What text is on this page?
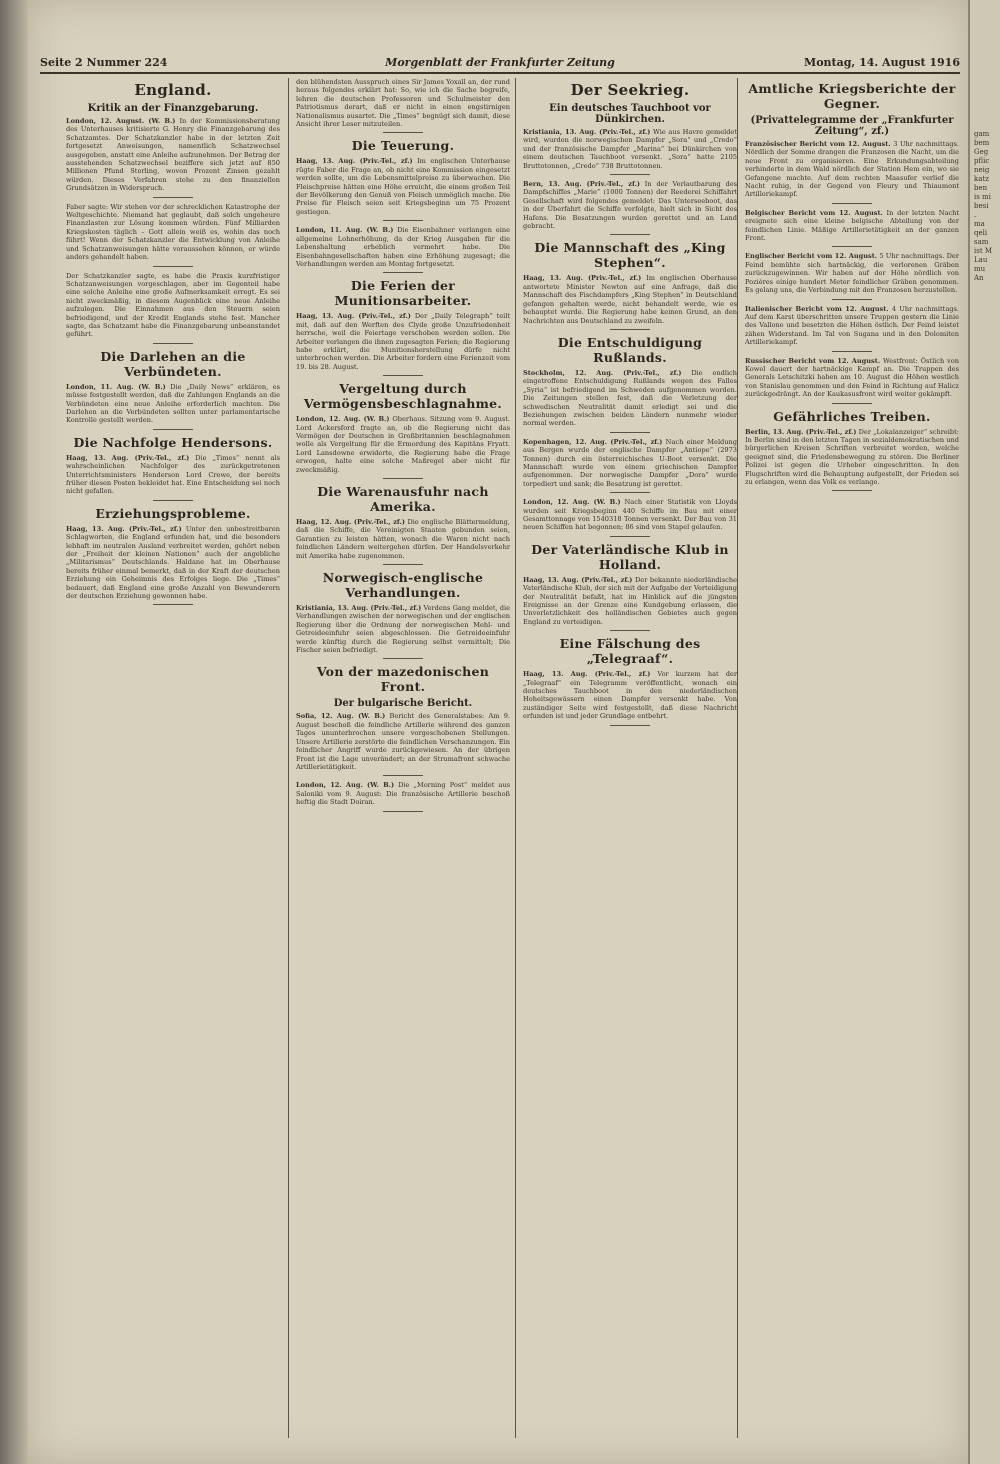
gam
bem
Geg
pflic
neig
katz
ben
is mi
besi
.
ma
qeli
sam
ist M
Lau
mu
An
Seite 2 Nummer 224	Morgenblatt der Frankfurter Zeitung	Montag, 14. August 1916
England.
Kritik an der Finanzgebarung.

London, 12. August. (W. B.) In der Kommissionsberatung des Unterhauses kritisierte G. Henry die Finanzgebarung des Schatzamtes. Der Schatzkanzler habe in der letzten Zeit fortgesetzt Anweisungen, namentlich Schatzwechsel ausgegeben, anstatt eine Anleihe aufzunehmen. Der Betrag der ausstehenden Schatzwechsel beziffere sich jetzt auf 850 Millionen Pfund Sterling, wovon Prozent Zinsen gezahlt würden. Dieses Verfahren stehe zu den finanziellen Grundsätzen in Widerspruch.

Faber sagte: Wir stehen vor der schrecklichen Katastrophe der Weltgeschichte. Niemand hat geglaubt, daß solch ungeheure Finanzlasten zur Lösung kommen würden. Fünf Milliarden Kriegskosten täglich – Gott allein weiß es, wohin das noch führt! Wenn der Schatzkanzler die Entwicklung von Anleihe und Schatzanweisungen hätte voraussehen können, er würde anders gehandelt haben.

Der Schatzkanzler sagte, es habe die Praxis kurzfristiger Schatzanweisungen vorgeschlagen, aber im Gegenteil habe eine solche Anleihe eine große Aufmerksamkeit erregt. Es sei nicht zweckmäßig, in diesem Augenblick eine neue Anleihe aufzulegen. Die Einnahmen aus den Steuern seien befriedigend, und der Kredit Englands stehe fest. Mancher sagte, das Schatzamt habe die Finanzgebarung unbeanstandet geführt.

Die Darlehen an die Verbündeten.

London, 11. Aug. (W. B.) Die „Daily News“ erklären, es müsse festgestellt werden, daß die Zahlungen Englands an die Verbündeten eine neue Anleihe erforderlich machten. Die Darlehen an die Verbündeten sollten unter parlamentarische Kontrolle gestellt werden.

Die Nachfolge Hendersons.

Haag, 13. Aug. (Priv.-Tel., zf.) Die „Times“ nennt als wahrscheinlichen Nachfolger des zurückgetretenen Unterrichtsministers Henderson Lord Crewe, der bereits früher diesen Posten bekleidet hat. Eine Entscheidung sei noch nicht gefallen.

Erziehungsprobleme.

Haag, 13. Aug. (Priv.-Tel., zf.) Unter den unbestreitbaren Schlagworten, die England erfunden hat, und die besonders lebhaft im neutralen Ausland verbreitet werden, gehört neben der „Freiheit der kleinen Nationen“ auch der angebliche „Militarismus“ Deutschlands. Haldane hat im Oberhause bereits früher einmal bemerkt, daß in der Kraft der deutschen Erziehung ein Geheimnis des Erfolges liege. Die „Times“ bedauert, daß England eine große Anzahl von Bewunderern der deutschen Erziehung gewonnen habe.

den blühendsten Ausspruch eines Sir James Yoxall an, der rund heraus folgendes erklärt hat: So, wie ich die Sache begreife, lehren die deutschen Professoren und Schulmeister den Patriotismus derart, daß er nicht in einen engstirnigen Nationalismus ausartet. Die „Times“ begnügt sich damit, diese Ansicht ihrer Leser mitzuteilen.

Die Teuerung.

Haag, 13. Aug. (Priv.-Tel., zf.) Im englischen Unterhause rügte Faber die Frage an, ob nicht eine Kommission eingesetzt werden sollte, um die Lebensmittelpreise zu überwachen. Die Fleischpreise hätten eine Höhe erreicht, die einem großen Teil der Bevölkerung den Genuß von Fleisch unmöglich mache. Die Preise für Fleisch seien seit Kriegsbeginn um 75 Prozent gestiegen.

London, 11. Aug. (W. B.) Die Eisenbahner verlangen eine allgemeine Lohnerhöhung, da der Krieg Ausgaben für die Lebenshaltung erheblich vermehrt habe. Die Eisenbahngesellschaften haben eine Erhöhung zugesagt; die Verhandlungen werden am Montag fortgesetzt.

Die Ferien der Munitionsarbeiter.

Haag, 13. Aug. (Priv.-Tel., zf.) Der „Daily Telegraph“ teilt mit, daß auf den Werften des Clyde große Unzufriedenheit herrsche, weil die Feiertage verschoben werden sollen. Die Arbeiter verlangen die ihnen zugesagten Ferien; die Regierung habe erklärt, die Munitionsherstellung dürfe nicht unterbrochen werden. Die Arbeiter fordern eine Ferienzeit vom 19. bis 28. August.

Vergeltung durch Vermögensbeschlagnahme.

London, 12. Aug. (W. B.) Oberhaus. Sitzung vom 9. August. Lord Ackersford fragte an, ob die Regierung nicht das Vermögen der Deutschen in Großbritannien beschlagnahmen wolle als Vergeltung für die Ermordung des Kapitäns Fryatt. Lord Lansdowne erwiderte, die Regierung habe die Frage erwogen, halte eine solche Maßregel aber nicht für zweckmäßig.

Die Warenausfuhr nach Amerika.

Haag, 12. Aug. (Priv.-Tel., zf.) Die englische Blättermeldung, daß die Schiffe, die Vereinigten Staaten gebunden seien, Garantien zu leisten hätten, wonach die Waren nicht nach feindlichen Ländern weitergehen dürfen. Der Handelsverkehr mit Amerika habe zugenommen.

Norwegisch-englische Verhandlungen.

Kristiania, 13. Aug. (Priv.-Tel., zf.) Verdens Gang meldet, die Verhandlungen zwischen der norwegischen und der englischen Regierung über die Ordnung der norwegischen Mehl- und Getreideeinfuhr seien abgeschlossen. Die Getreideeinfuhr werde künftig durch die Regierung selbst vermittelt; Die Fischer seien befriedigt.

Von der mazedonischen Front.
Der bulgarische Bericht.

Sofia, 12. Aug. (W. B.) Bericht des Generalstabes: Am 9. August beschoß die feindliche Artillerie während des ganzen Tages ununterbrochen unsere vorgeschobenen Stellungen. Unsere Artillerie zerstörte die feindlichen Verschanzungen. Ein feindlicher Angriff wurde zurückgewiesen. An der übrigen Front ist die Lage unverändert; an der Strumafront schwache Artillerietätigkeit.

London, 12. Aug. (W. B.) Die „Morning Post“ meldet aus Saloniki vom 9. August: Die französische Artillerie beschoß heftig die Stadt Doiran.

Der Seekrieg.
Ein deutsches Tauchboot vor Dünkirchen.

Kristiania, 13. Aug. (Priv.-Tel., zf.) Wie aus Havre gemeldet wird, wurden die norwegischen Dampfer „Sora“ und „Credo“ und der französische Dampfer „Marina“ bei Dünkirchen von einem deutschen Tauchboot versenkt. „Sora“ hatte 2105 Bruttotonnen, „Credo“ 738 Bruttotonnen.

Bern, 13. Aug. (Priv.-Tel., zf.) In der Verlautbarung des Dampfschiffes „Marie“ (1000 Tonnen) der Reederei Schiffahrt Gesellschaft wird folgendes gemeldet: Das Unterseeboot, das in der Überfahrt die Schiffe verfolgte, hielt sich in Sicht des Hafens. Die Besatzungen wurden gerettet und an Land gebracht.

Die Mannschaft des „King Stephen“.

Haag, 13. Aug. (Priv.-Tel., zf.) Im englischen Oberhause antwortete Minister Newton auf eine Anfrage, daß die Mannschaft des Fischdampfers „King Stephen“ in Deutschland gefangen gehalten werde, nicht behandelt werde, wie es behauptet wurde. Die Regierung habe keinen Grund, an den Nachrichten aus Deutschland zu zweifeln.

Die Entschuldigung Rußlands.

Stockholm, 12. Aug. (Priv.-Tel., zf.) Die endlich eingetroffene Entschuldigung Rußlands wegen des Falles „Syria“ ist befriedigend im Schweden aufgenommen worden. Die Zeitungen stellen fest, daß die Verletzung der schwedischen Neutralität damit erledigt sei und die Beziehungen zwischen beiden Ländern nunmehr wieder normal werden.

Kopenhagen, 12. Aug. (Priv.-Tel., zf.) Nach einer Meldung aus Bergen wurde der englische Dampfer „Antiope“ (2973 Tonnen) durch ein österreichisches U-Boot versenkt. Die Mannschaft wurde von einem griechischen Dampfer aufgenommen. Der norwegische Dampfer „Dora“ wurde torpediert und sank; die Besatzung ist gerettet.

London, 12. Aug. (W. B.) Nach einer Statistik von Lloyds wurden seit Kriegsbeginn 440 Schiffe im Bau mit einer Gesamttonnage von 1540318 Tonnen versenkt. Der Bau von 31 neuen Schiffen hat begonnen; 86 sind vom Stapel gelaufen.

Der Vaterländische Klub in Holland.

Haag, 13. Aug. (Priv.-Tel., zf.) Der bekannte niederländische Vaterländische Klub, der sich mit der Aufgabe der Verteidigung der Neutralität befaßt, hat im Hinblick auf die jüngsten Ereignisse an der Grenze eine Kundgebung erlassen, die Unverletzlichkeit des holländischen Gebietes auch gegen England zu verteidigen.

Eine Fälschung des „Telegraaf“.

Haag, 13. Aug. (Priv.-Tel., zf.) Vor kurzem hat der „Telegraaf“ ein Telegramm veröffentlicht, wonach ein deutsches Tauchboot in den niederländischen Hoheitsgewässern einen Dampfer versenkt habe. Von zuständiger Seite wird festgestellt, daß diese Nachricht erfunden ist und jeder Grundlage entbehrt.

Amtliche Kriegsberichte der Gegner.
(Privattelegramme der „Frankfurter Zeitung“, zf.)

Französischer Bericht vom 12. August. 3 Uhr nachmittags. Nördlich der Somme drangen die Franzosen die Nacht, um die neue Front zu organisieren. Eine Erkundungsabteilung verhinderte in dem Wald nördlich der Station Hem ein, wo sie Gefangene machte. Auf dem rechten Maasufer verlief die Nacht ruhig, in der Gegend von Fleury und Thiaumont Artilleriekampf.

Belgischer Bericht vom 12. August. In der letzten Nacht ereignete sich eine kleine belgische Abteilung von der feindlichen Linie. Mäßige Artillerietätigkeit an der ganzen Front.

Englischer Bericht vom 12. August. 5 Uhr nachmittags. Der Feind bemühte sich hartnäckig, die verlorenen Gräben zurückzugewinnen. Wir haben auf der Höhe nördlich von Pozières einige hundert Meter feindlicher Gräben genommen. Es gelang uns, die Verbindung mit den Franzosen herzustellen.

Italienischer Bericht vom 12. August. 4 Uhr nachmittags. Auf dem Karst überschritten unsere Truppen gestern die Linie des Vallone und besetzten die Höhen östlich. Der Feind leistet zähen Widerstand. Im Tal von Sugana und in den Dolomiten Artilleriekampf.

Russischer Bericht vom 12. August. Westfront: Östlich von Kowel dauert der hartnäckige Kampf an. Die Truppen des Generals Letschitzki haben am 10. August die Höhen westlich von Stanislau genommen und den Feind in Richtung auf Halicz zurückgedrängt. An der Kaukasusfront wird weiter gekämpft.

Gefährliches Treiben.

Berlin, 13. Aug. (Priv.-Tel., zf.) Der „Lokalanzeiger“ schreibt: In Berlin sind in den letzten Tagen in sozialdemokratischen und bürgerlichen Kreisen Schriften verbreitet worden, welche geeignet sind, die Friedensbewegung zu stören. Die Berliner Polizei ist gegen die Urheber eingeschritten. In den Flugschriften wird die Behauptung aufgestellt, der Frieden sei zu erlangen, wenn das Volk es verlange.
